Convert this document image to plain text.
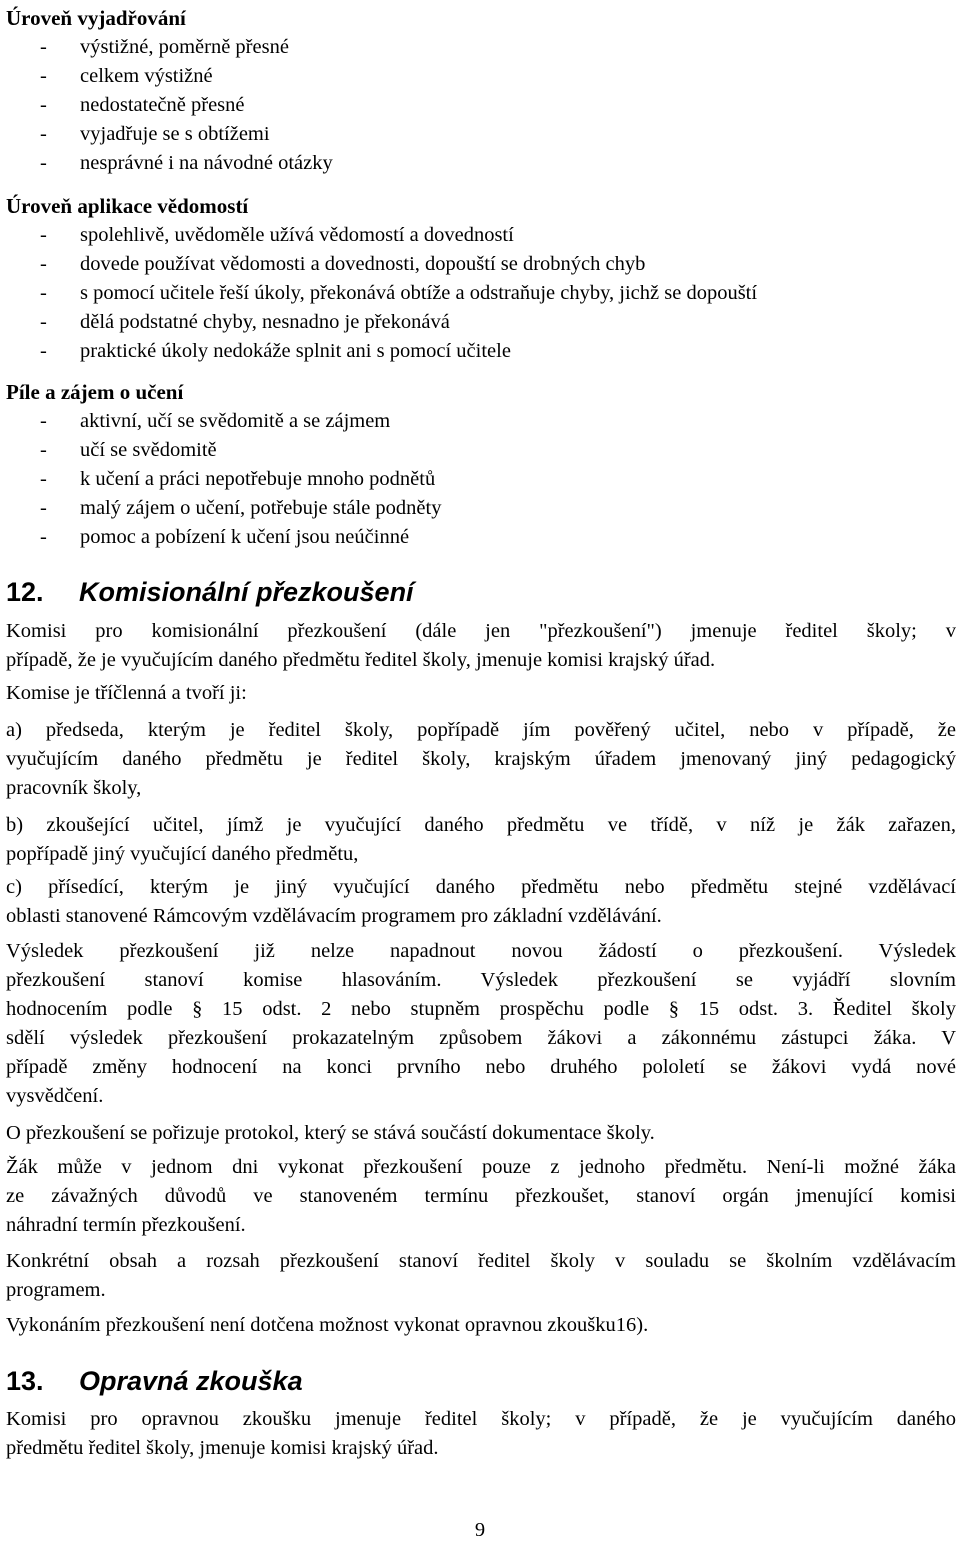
Úroveň vyjadřování
- výstižné, poměrně přesné
- celkem výstižné
- nedostatečně přesné
- vyjadřuje se s obtížemi
- nesprávné i na návodné otázky
Úroveň aplikace vědomostí
- spolehlivě, uvědoměle užívá vědomostí a dovedností
- dovede používat vědomosti a dovednosti, dopouští se drobných chyb
- s pomocí učitele řeší úkoly, překonává obtíže a odstraňuje chyby, jichž se dopouští
- dělá podstatné chyby, nesnadno je překonává
- praktické úkoly nedokáže splnit ani s pomocí učitele
Píle a zájem o učení
- aktivní, učí se svědomitě a se zájmem
- učí se svědomitě
- k učení a práci nepotřebuje mnoho podnětů
- malý zájem o učení, potřebuje stále podněty
- pomoc a pobízení k učení jsou neúčinné
12. Komisionální přezkoušení
Komisi pro komisionální přezkoušení (dále jen "přezkoušení") jmenuje ředitel školy; v
případě, že je vyučujícím daného předmětu ředitel školy, jmenuje komisi krajský úřad.
Komise je tříčlenná a tvoří ji:
a) předseda, kterým je ředitel školy, popřípadě jím pověřený učitel, nebo v případě, že
vyučujícím daného předmětu je ředitel školy, krajským úřadem jmenovaný jiný pedagogický
pracovník školy,
b) zkoušející učitel, jímž je vyučující daného předmětu ve třídě, v níž je žák zařazen,
popřípadě jiný vyučující daného předmětu,
c) přísedící, kterým je jiný vyučující daného předmětu nebo předmětu stejné vzdělávací
oblasti stanovené Rámcovým vzdělávacím programem pro základní vzdělávání.
Výsledek přezkoušení již nelze napadnout novou žádostí o přezkoušení. Výsledek
přezkoušení stanoví komise hlasováním. Výsledek přezkoušení se vyjádří slovním
hodnocením podle § 15 odst. 2 nebo stupněm prospěchu podle § 15 odst. 3. Ředitel školy
sdělí výsledek přezkoušení prokazatelným způsobem žákovi a zákonnému zástupci žáka. V
případě změny hodnocení na konci prvního nebo druhého pololetí se žákovi vydá nové
vysvědčení.
O přezkoušení se pořizuje protokol, který se stává součástí dokumentace školy.
Žák může v jednom dni vykonat přezkoušení pouze z jednoho předmětu. Není-li možné žáka
ze závažných důvodů ve stanoveném termínu přezkoušet, stanoví orgán jmenující komisi
náhradní termín přezkoušení.
Konkrétní obsah a rozsah přezkoušení stanoví ředitel školy v souladu se školním vzdělávacím
programem.
Vykonáním přezkoušení není dotčena možnost vykonat opravnou zkoušku16).
13. Opravná zkouška
Komisi pro opravnou zkoušku jmenuje ředitel školy; v případě, že je vyučujícím daného
předmětu ředitel školy, jmenuje komisi krajský úřad.
9
